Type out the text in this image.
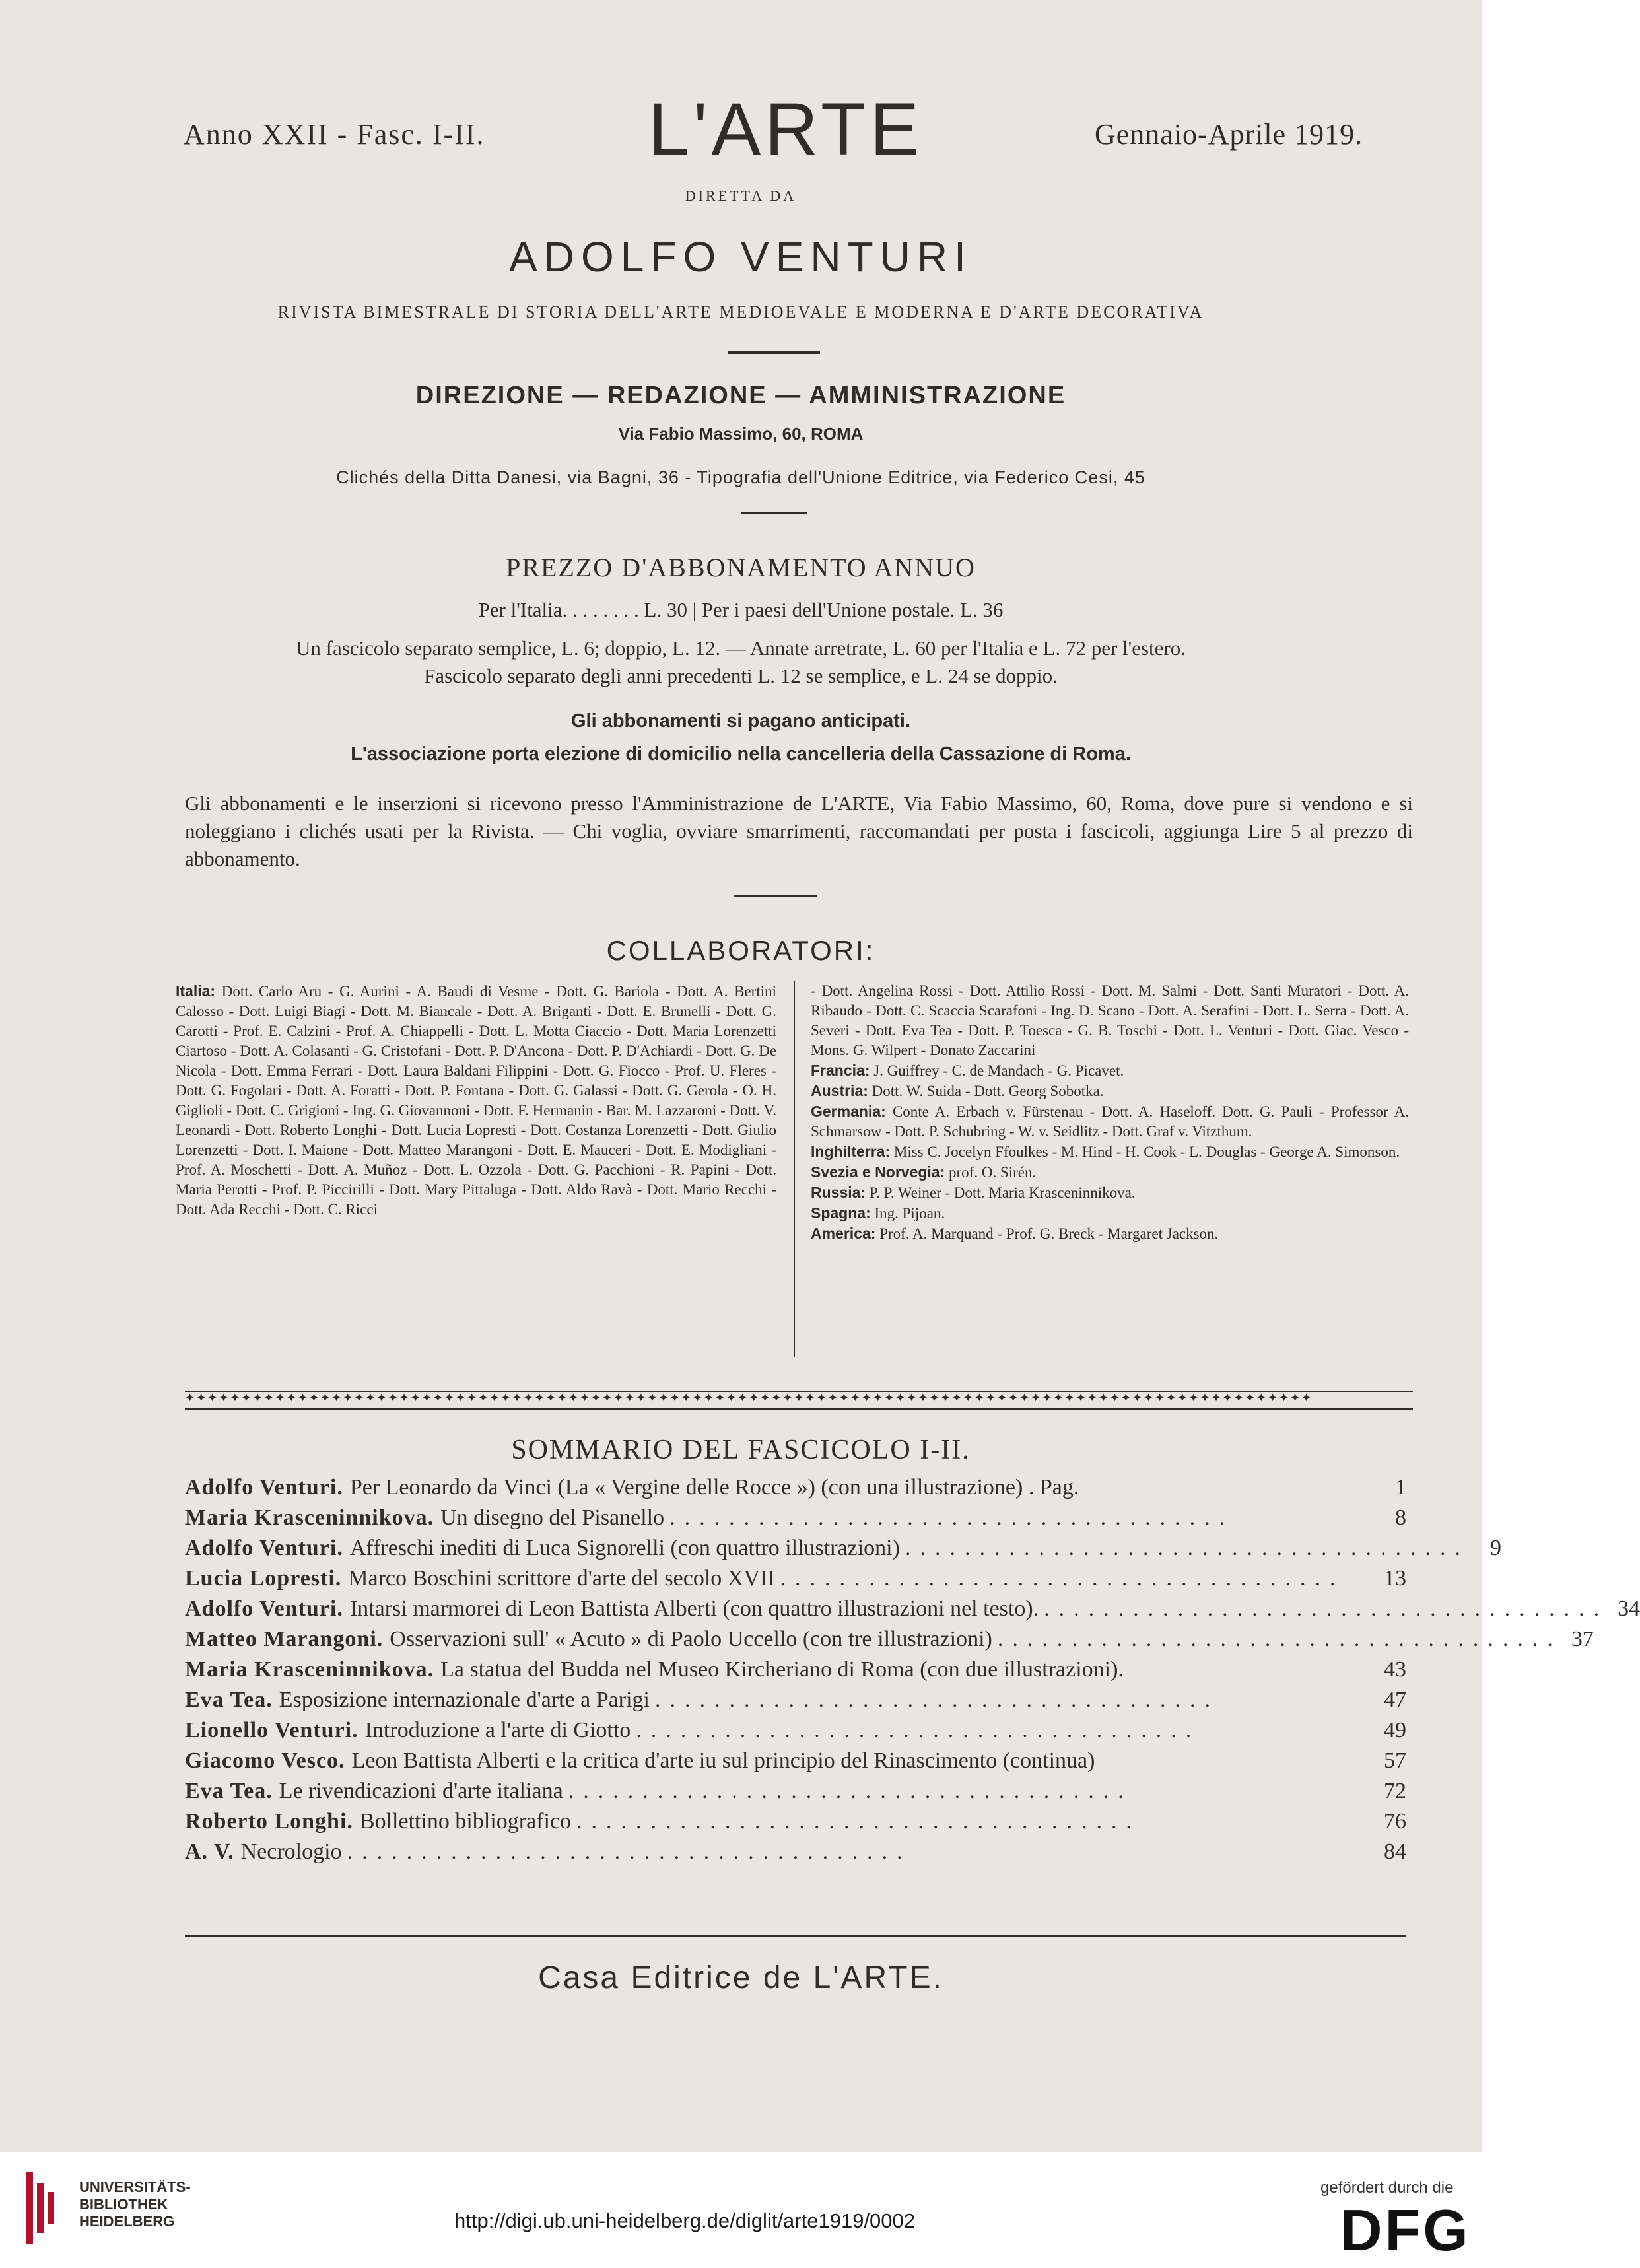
Anno XXII - Fasc. I-II. L'ARTE	Gennaio-Aprile 1919.
DIRETTA DA
ADOLFO VENTURI
RIVISTA BIMESTRALE DI STORIA DELL'ARTE MEDIOEVALE E MODERNA E D'ARTE DECORATIVA
DIREZIONE — REDAZIONE — AMMINISTRAZIONE
Via Fabio Massimo, 60, ROMA
Clichés della Ditta Danesi, via Bagni, 36 - Tipografia dell'Unione Editrice, via Federico Cesi, 45
PREZZO D'ABBONAMENTO ANNUO
Per l'Italia. . . . . . . . L. 30 | Per i paesi dell'Unione postale. L. 36
Un fascicolo separato semplice, L. 6; doppio, L. 12. — Annate arretrate, L. 60 per l'Italia e L. 72 per l'estero.
Fascicolo separato degli anni precedenti L. 12 se semplice, e L. 24 se doppio.
Gli abbonamenti si pagano anticipati.
L'associazione porta elezione di domicilio nella cancelleria della Cassazione di Roma.
Gli abbonamenti e le inserzioni si ricevono presso l'Amministrazione de L'ARTE, Via Fabio Massimo, 60, Roma, dove pure si vendono e si noleggiano i clichés usati per la Rivista. — Chi voglia, ovviare smarrimenti, raccomandati per posta i fascicoli, aggiunga Lire 5 al prezzo di abbonamento.
COLLABORATORI:
Italia: Dott. Carlo Aru - G. Aurini - A. Baudi di Vesme - Dott. G. Bariola - Dott. A. Bertini Calosso - Dott. Luigi Biagi - Dott. M. Biancale - Dott. A. Briganti - Dott. E. Brunelli - Dott. G. Carotti - Prof. E. Calzini - Prof. A. Chiappelli - Dott. L. Motta Ciaccio - Dott. Maria Lorenzetti Ciartoso - Dott. A. Colasanti - G. Cristofani - Dott. P. D'Ancona - Dott. P. D'Achiardi - Dott. G. De Nicola - Dott. Emma Ferrari - Dott. Laura Baldani Filippini - Dott. G. Fiocco - Prof. U. Fleres - Dott. G. Fogolari - Dott. A. Foratti - Dott. P. Fontana - Dott. G. Galassi - Dott. G. Gerola - O. H. Giglioli - Dott. C. Grigioni - Ing. G. Giovannoni - Dott. F. Hermanin - Bar. M. Lazzaroni - Dott. V. Leonardi - Dott. Roberto Longhi - Dott. Lucia Lopresti - Dott. Costanza Lorenzetti - Dott. Giulio Lorenzetti - Dott. I. Maione - Dott. Matteo Marangoni - Dott. E. Mauceri - Dott. E. Modigliani - Prof. A. Moschetti - Dott. A. Muñoz - Dott. L. Ozzola - Dott. G. Pacchioni - R. Papini - Dott. Maria Perotti - Prof. P. Piccirilli - Dott. Mary Pittaluga - Dott. Aldo Ravà - Dott. Mario Recchi - Dott. Ada Recchi - Dott. C. Ricci
- Dott. Angelina Rossi - Dott. Attilio Rossi - Dott. M. Salmi - Dott. Santi Muratori - Dott. A. Ribaudo - Dott. C. Scaccia Scarafoni - Ing. D. Scano - Dott. A. Serafini - Dott. L. Serra - Dott. A. Severi - Dott. Eva Tea - Dott. P. Toesca - G. B. Toschi - Dott. L. Venturi - Dott. Giac. Vesco - Mons. G. Wilpert - Donato Zaccarini
Francia: J. Guiffrey - C. de Mandach - G. Picavet.
Austria: Dott. W. Suida - Dott. Georg Sobotka.
Germania: Conte A. Erbach v. Fürstenau - Dott. A. Haseloff. Dott. G. Pauli - Professor A. Schmarsow - Dott. P. Schubring - W. v. Seidlitz - Dott. Graf v. Vitzthum.
Inghilterra: Miss C. Jocelyn Ffoulkes - M. Hind - H. Cook - L. Douglas - George A. Simonson.
Svezia e Norvegia: prof. O. Sirén.
Russia: P. P. Weiner - Dott. Maria Krasceninnikova.
Spagna: Ing. Pijoan.
America: Prof. A. Marquand - Prof. G. Breck - Margaret Jackson.
✦✦✦✦✦✦✦✦✦✦✦✦✦✦✦✦✦✦✦✦✦✦✦✦✦✦✦✦✦✦✦✦✦✦✦✦✦✦✦✦✦✦✦✦✦✦✦✦✦✦✦✦✦✦✦✦✦✦✦✦✦✦✦✦✦✦✦✦✦✦✦✦✦✦✦✦✦✦✦✦✦✦✦✦✦✦✦✦✦✦✦✦✦✦✦✦✦✦✦✦
SOMMARIO DEL FASCICOLO I-II.
Adolfo Venturi. Per Leonardo da Vinci (La « Vergine delle Rocce ») (con una illustrazione) . Pag.	1
Maria Krasceninnikova. Un disegno del Pisanello ......................................	8
Adolfo Venturi. Affreschi inediti di Luca Signorelli (con quattro illustrazioni) ...................................... 9
Lucia Lopresti. Marco Boschini scrittore d'arte del secolo XVII ......................................	13
Adolfo Venturi. Intarsi marmorei di Leon Battista Alberti (con quattro illustrazioni nel testo). ...................................... 34
Matteo Marangoni. Osservazioni sull' « Acuto » di Paolo Uccello (con tre illustrazioni) ...................................... 37
Maria Krasceninnikova. La statua del Budda nel Museo Kircheriano di Roma (con due illustrazioni).	43
Eva Tea. Esposizione internazionale d'arte a Parigi ......................................	47
Lionello Venturi. Introduzione a l'arte di Giotto ......................................	49
Giacomo Vesco. Leon Battista Alberti e la critica d'arte iu sul principio del Rinascimento (continua)	57
Eva Tea. Le rivendicazioni d'arte italiana ......................................	72
Roberto Longhi. Bollettino bibliografico ......................................	76
A. V. Necrologio ......................................	84
Casa Editrice de L'ARTE.
UNIVERSITÄTS-
BIBLIOTHEK
HEIDELBERG	http://digi.ub.uni-heidelberg.de/diglit/arte1919/0002
gefördert durch die
DFG
